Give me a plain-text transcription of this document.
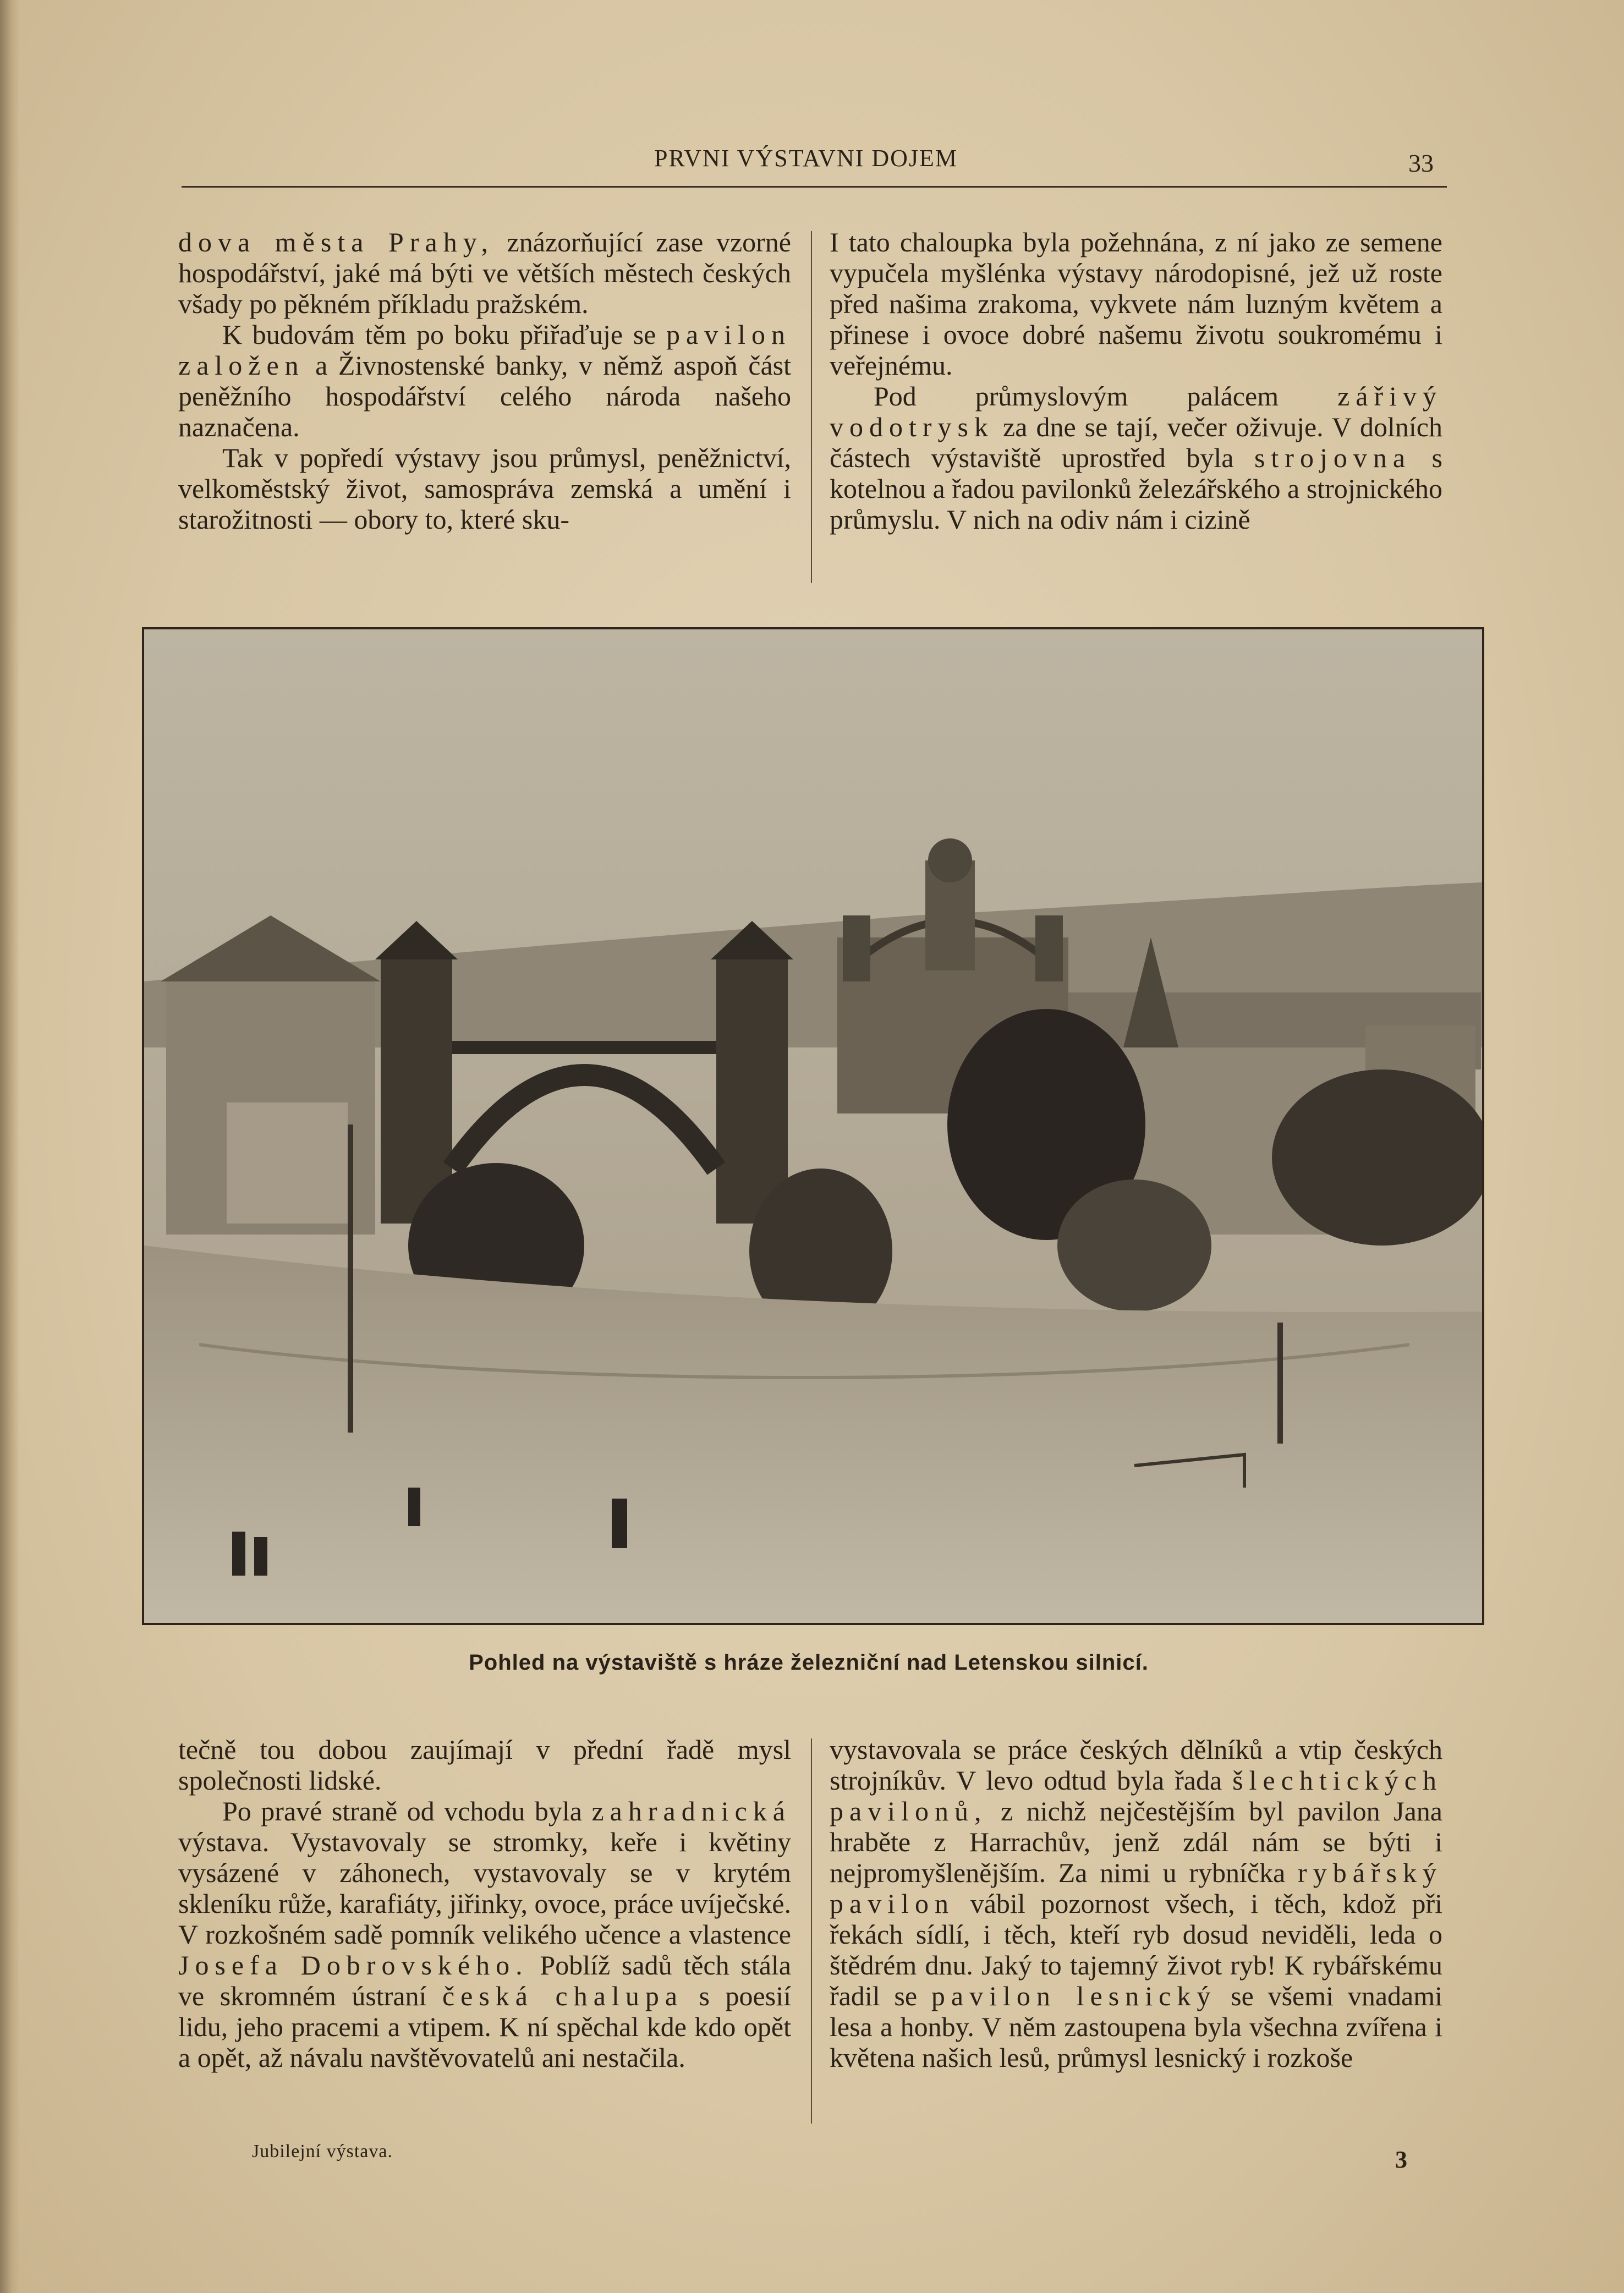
PRVNI VÝSTAVNI DOJEM	33

dova města Prahy, znázorňující zase vzorné hospodářství, jaké má býti ve větších městech českých všady po pěkném příkladu pražském.

K budovám těm po boku přiřaďuje se pavilon založen a Živnostenské banky, v němž aspoň část peněžního hospodářství celého národa našeho naznačena.

Tak v popředí výstavy jsou průmysl, peněžnictví, velkoměstský život, samospráva zemská a umění i starožitnosti — obory to, které sku-

I tato chaloupka byla požehnána, z ní jako ze semene vypučela myšlénka výstavy národopisné, jež už roste před našima zrakoma, vykvete nám luzným květem a přinese i ovoce dobré našemu životu soukromému i veřejnému.

Pod průmyslovým palácem zářivý vodotrysk za dne se tají, večer oživuje. V dolních částech výstaviště uprostřed byla strojovna s kotelnou a řadou pavilonků železářského a strojnického průmyslu. V nich na odiv nám i cizině

Pohled na výstaviště s hráze železniční nad Letenskou silnicí.

tečně tou dobou zaujímají v přední řadě mysl společnosti lidské.

Po pravé straně od vchodu byla zahradnická výstava. Vystavovaly se stromky, keře i květiny vysázené v záhonech, vystavovaly se v krytém skleníku růže, karafiáty, jiřinky, ovoce, práce uvíječské. V rozkošném sadě pomník velikého učence a vlastence Josefa Dobrovského. Poblíž sadů těch stála ve skromném ústraní česká chalupa s poesií lidu, jeho pracemi a vtipem. K ní spěchal kde kdo opět a opět, až návalu navštěvovatelů ani nestačila.

vystavovala se práce českých dělníků a vtip českých strojníkův. V levo odtud byla řada šlechtických pavilonů, z nichž nejčestějším byl pavilon Jana hraběte z Harrachův, jenž zdál nám se býti i nejpromyšlenějším. Za nimi u rybníčka rybářský pavilon vábil pozornost všech, i těch, kdož při řekách sídlí, i těch, kteří ryb dosud neviděli, leda o štědrém dnu. Jaký to tajemný život ryb! K rybářskému řadil se pavilon lesnický se všemi vnadami lesa a honby. V něm zastoupena byla všechna zvířena i květena našich lesů, průmysl lesnický i rozkoše

Jubilejní výstava.	3
